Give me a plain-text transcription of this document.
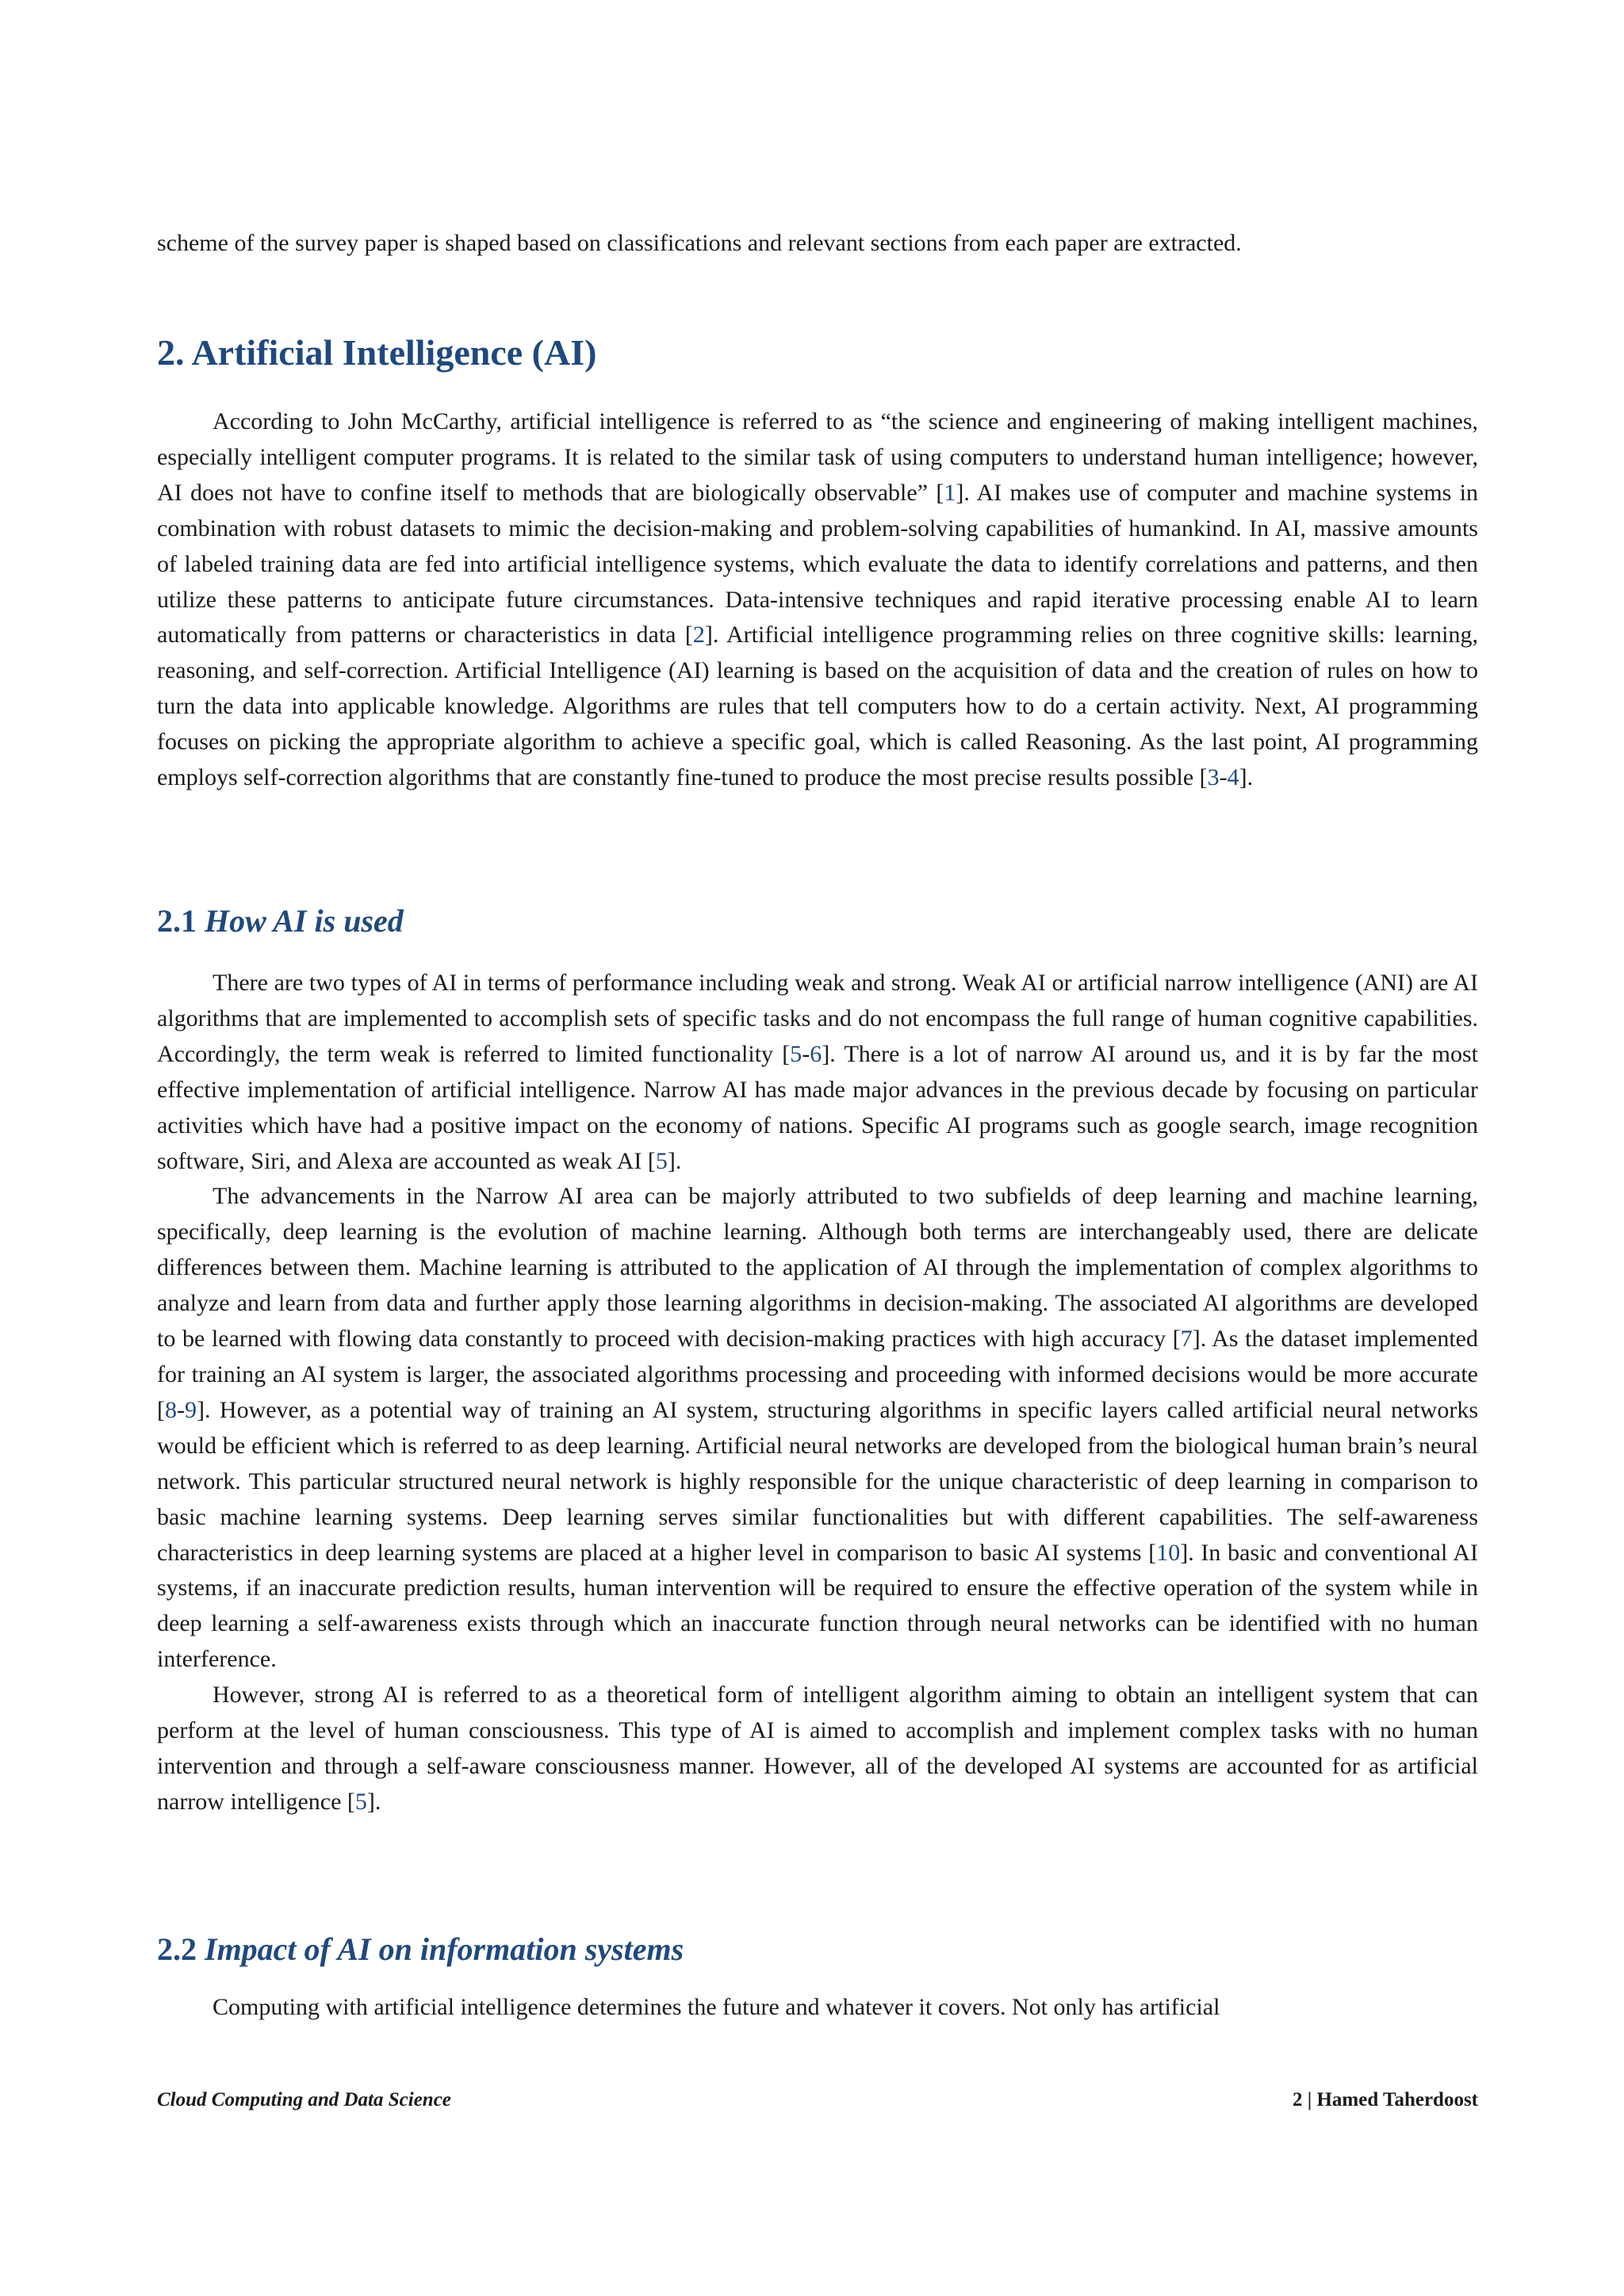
scheme of the survey paper is shaped based on classifications and relevant sections from each paper are extracted.
2. Artificial Intelligence (AI)

According to John McCarthy, artificial intelligence is referred to as “the science and engineering of making intelligent machines, especially intelligent computer programs. It is related to the similar task of using computers to understand human intelligence; however, AI does not have to confine itself to methods that are biologically observable” [1]. AI makes use of computer and machine systems in combination with robust datasets to mimic the decision-making and problem-solving capabilities of humankind. In AI, massive amounts of labeled training data are fed into artificial intelligence systems, which evaluate the data to identify correlations and patterns, and then utilize these patterns to anticipate future circumstances. Data-intensive techniques and rapid iterative processing enable AI to learn automatically from patterns or characteristics in data [2]. Artificial intelligence programming relies on three cognitive skills: learning, reasoning, and self-correction. Artificial Intelligence (AI) learning is based on the acquisition of data and the creation of rules on how to turn the data into applicable knowledge. Algorithms are rules that tell computers how to do a certain activity. Next, AI programming focuses on picking the appropriate algorithm to achieve a specific goal, which is called Reasoning. As the last point, AI programming employs self-correction algorithms that are constantly fine-tuned to produce the most precise results possible [3-4].

2.1 How AI is used

There are two types of AI in terms of performance including weak and strong. Weak AI or artificial narrow intelligence (ANI) are AI algorithms that are implemented to accomplish sets of specific tasks and do not encompass the full range of human cognitive capabilities. Accordingly, the term weak is referred to limited functionality [5-6]. There is a lot of narrow AI around us, and it is by far the most effective implementation of artificial intelligence. Narrow AI has made major advances in the previous decade by focusing on particular activities which have had a positive impact on the economy of nations. Specific AI programs such as google search, image recognition software, Siri, and Alexa are accounted as weak AI [5].

The advancements in the Narrow AI area can be majorly attributed to two subfields of deep learning and machine learning, specifically, deep learning is the evolution of machine learning. Although both terms are interchangeably used, there are delicate differences between them. Machine learning is attributed to the application of AI through the implementation of complex algorithms to analyze and learn from data and further apply those learning algorithms in decision-making. The associated AI algorithms are developed to be learned with flowing data constantly to proceed with decision-making practices with high accuracy [7]. As the dataset implemented for training an AI system is larger, the associated algorithms processing and proceeding with informed decisions would be more accurate [8-9]. However, as a potential way of training an AI system, structuring algorithms in specific layers called artificial neural networks would be efficient which is referred to as deep learning. Artificial neural networks are developed from the biological human brain’s neural network. This particular structured neural network is highly responsible for the unique characteristic of deep learning in comparison to basic machine learning systems. Deep learning serves similar functionalities but with different capabilities. The self-awareness characteristics in deep learning systems are placed at a higher level in comparison to basic AI systems [10]. In basic and conventional AI systems, if an inaccurate prediction results, human intervention will be required to ensure the effective operation of the system while in deep learning a self-awareness exists through which an inaccurate function through neural networks can be identified with no human interference.

However, strong AI is referred to as a theoretical form of intelligent algorithm aiming to obtain an intelligent system that can perform at the level of human consciousness. This type of AI is aimed to accomplish and implement complex tasks with no human intervention and through a self-aware consciousness manner. However, all of the developed AI systems are accounted for as artificial narrow intelligence [5].

2.2 Impact of AI on information systems

Computing with artificial intelligence determines the future and whatever it covers. Not only has artificial

Cloud Computing and Data Science	2 | Hamed Taherdoost
